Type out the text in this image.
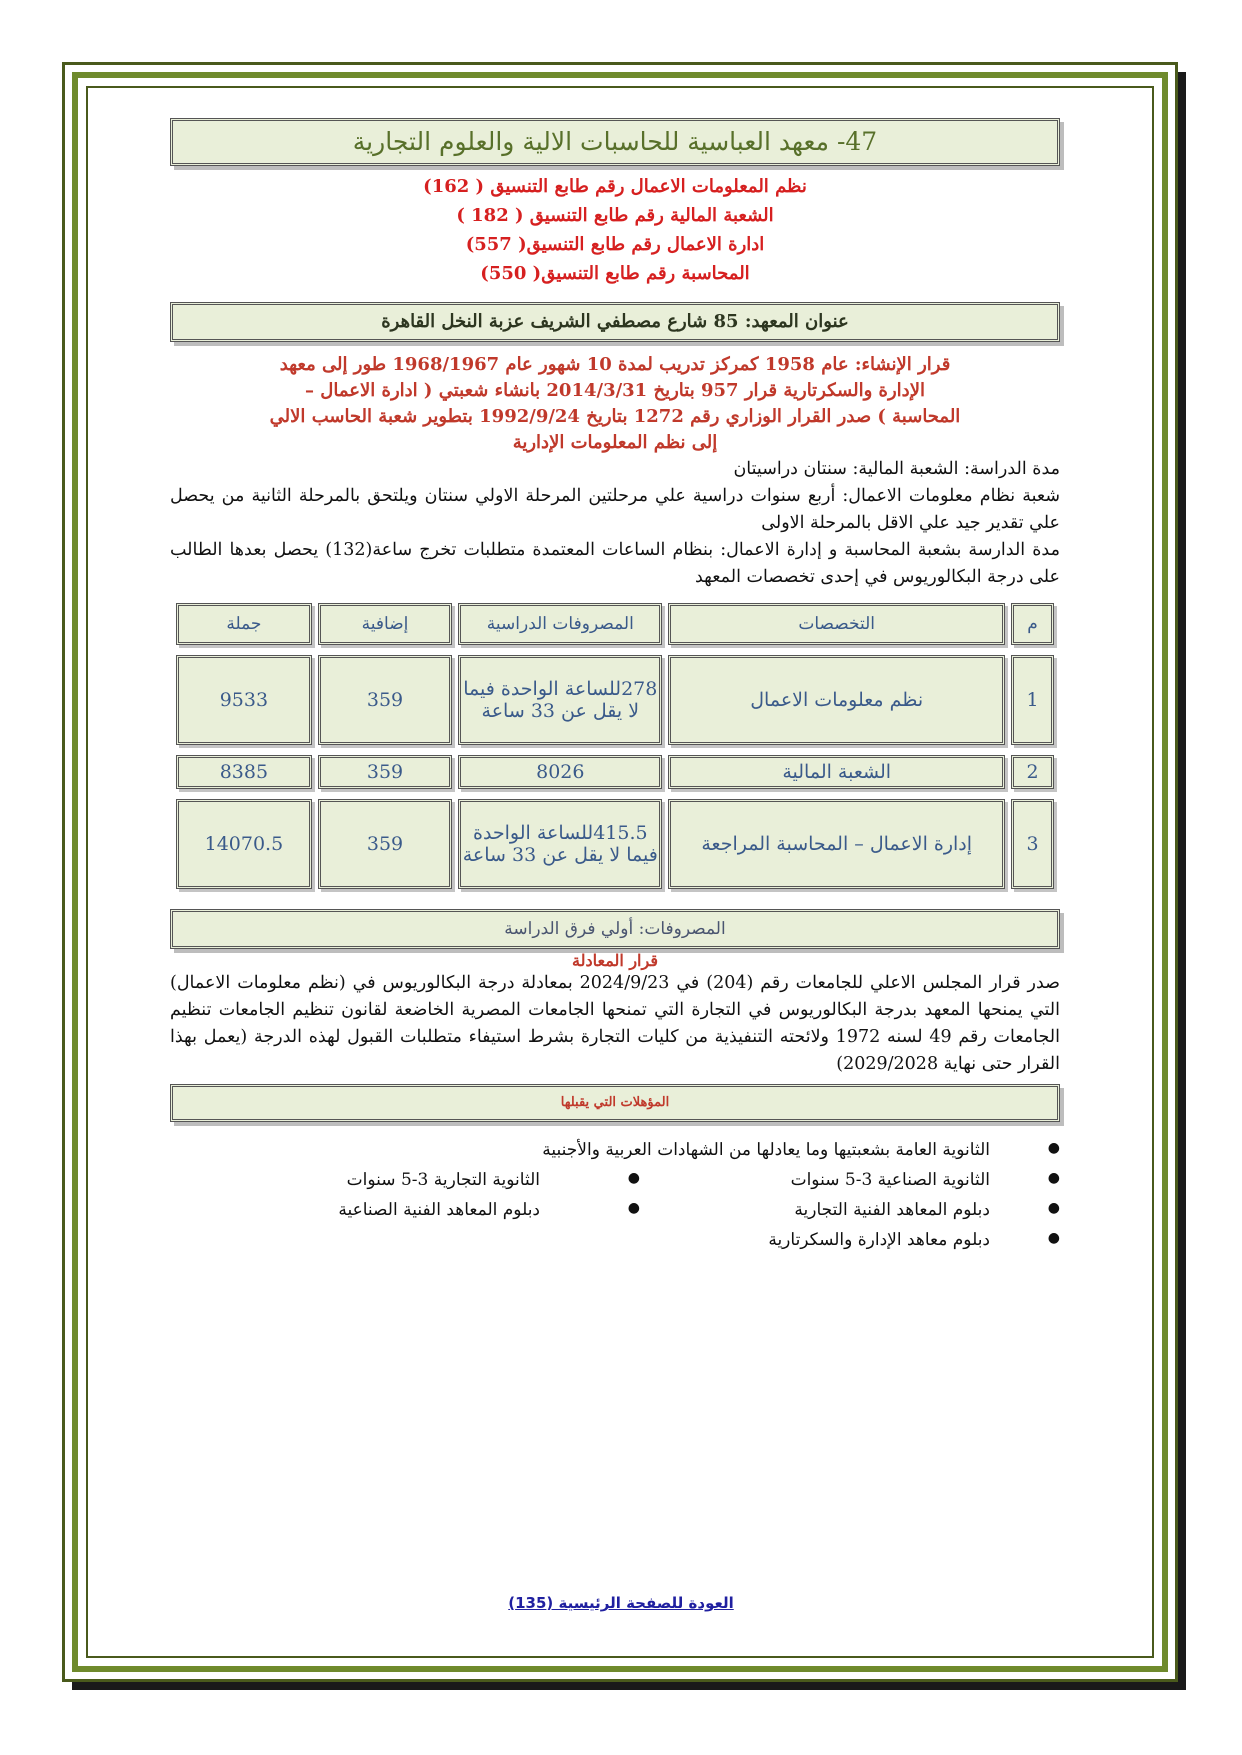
47- معهد العباسية للحاسبات الالية والعلوم التجارية
نظم المعلومات الاعمال رقم طابع التنسيق ( 162)
الشعبة المالية رقم طابع التنسيق ( 182 )
ادارة الاعمال رقم طابع التنسيق( 557)
المحاسبة رقم طابع التنسيق( 550)
عنوان المعهد: 85 شارع مصطفي الشريف عزبة النخل القاهرة
قرار الإنشاء: عام 1958 كمركز تدريب لمدة 10 شهور عام 1968/1967 طور إلى معهد
الإدارة والسكرتارية قرار 957 بتاريخ 2014/3/31 بانشاء شعبتي ( ادارة الاعمال –
المحاسبة ) صدر القرار الوزاري رقم 1272 بتاريخ 1992/9/24 بتطوير شعبة الحاسب الالي
إلى نظم المعلومات الإدارية
مدة الدراسة: الشعبة المالية: سنتان دراسيتان
شعبة نظام معلومات الاعمال: أربع سنوات دراسية علي مرحلتين المرحلة الاولي سنتان ويلتحق بالمرحلة الثانية من يحصل علي تقدير جيد علي الاقل بالمرحلة الاولى
مدة الدارسة بشعبة المحاسبة و إدارة الاعمال: بنظام الساعات المعتمدة متطلبات تخرج ساعة(132) يحصل بعدها الطالب على درجة البكالوريوس في إحدى تخصصات المعهد
م	التخصصات	المصروفات الدراسية	إضافية	جملة
1	نظم معلومات الاعمال	278للساعة الواحدة فيما لا يقل عن 33 ساعة	359	9533
2	الشعبة المالية	8026	359	8385
3	إدارة الاعمال – المحاسبة المراجعة	415.5للساعة الواحدة فيما لا يقل عن 33 ساعة	359	14070.5
المصروفات: أولي فرق الدراسة
قرار المعادلة
صدر قرار المجلس الاعلي للجامعات رقم (204) في 2024/9/23 بمعادلة درجة البكالوريوس في (نظم معلومات الاعمال) التي يمنحها المعهد بدرجة البكالوريوس في التجارة التي تمنحها الجامعات المصرية الخاضعة لقانون تنظيم الجامعات تنظيم الجامعات رقم 49 لسنه 1972 ولائحته التنفيذية من كليات التجارة بشرط استيفاء متطلبات القبول لهذه الدرجة (يعمل بهذا القرار حتى نهاية 2029/2028)
المؤهلات التي يقبلها
●
الثانوية العامة بشعبتيها وما يعادلها من الشهادات العربية والأجنبية
●
الثانوية الصناعية 3-5 سنوات
●
الثانوية التجارية 3-5 سنوات
●
دبلوم المعاهد الفنية التجارية
●
دبلوم المعاهد الفنية الصناعية
●
دبلوم معاهد الإدارة والسكرتارية
العودة للصفحة الرئيسية (135)
